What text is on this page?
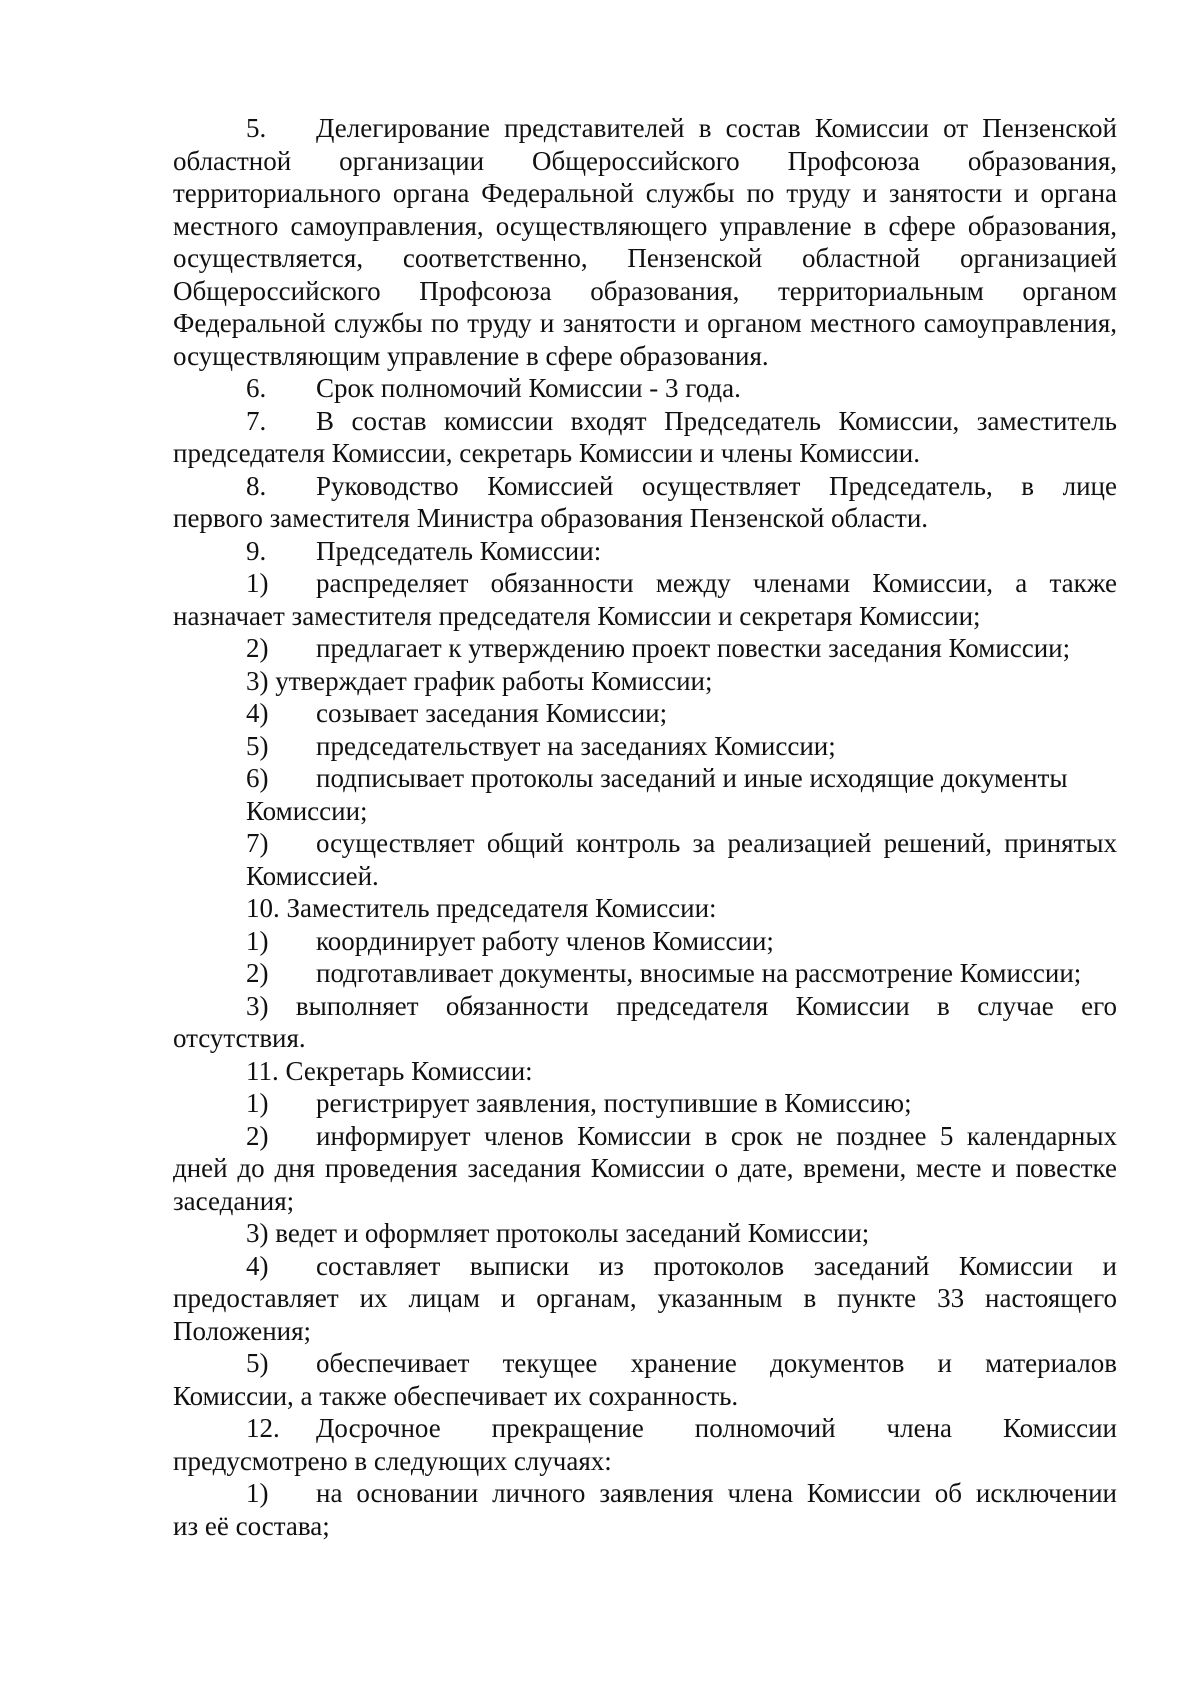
5.	Делегирование представителей в состав Комиссии от Пензенской

областной организации Общероссийского Профсоюза образования, территориального органа Федеральной службы по труду и занятости и органа местного самоуправления, осуществляющего управление в сфере образования, осуществляется, соответственно, Пензенской областной организацией Общероссийского Профсоюза образования, территориальным органом Федеральной службы по труду и занятости и органом местного самоуправления, осуществляющим управление в сфере образования.

6.	Срок полномочий Комиссии - 3 года.
7.	В состав комиссии входят Председатель Комиссии, заместитель

председателя Комиссии, секретарь Комиссии и члены Комиссии.

8.	Руководство Комиссией осуществляет Председатель, в лице

первого заместителя Министра образования Пензенской области.

9.	Председатель Комиссии:
1)	распределяет обязанности между членами Комиссии, а также

назначает заместителя председателя Комиссии и секретаря Комиссии;

2)	предлагает к утверждению проект повестки заседания Комиссии;

3) утверждает график работы Комиссии;

4)	созывает заседания Комиссии;
5)	председательствует на заседаниях Комиссии;
6)	подписывает протоколы заседаний и иные исходящие документы

Комиссии;

7)	осуществляет общий контроль за реализацией решений, принятых

Комиссией.

10. Заместитель председателя Комиссии:

1)	координирует работу членов Комиссии;
2)	подготавливает документы, вносимые на рассмотрение Комиссии;

3) выполняет обязанности председателя Комиссии в случае его

отсутствия.

11. Секретарь Комиссии:

1)	регистрирует заявления, поступившие в Комиссию;
2)	информирует членов Комиссии в срок не позднее 5 календарных

дней до дня проведения заседания Комиссии о дате, времени, месте и повестке заседания;

3) ведет и оформляет протоколы заседаний Комиссии;

4)	составляет выписки из протоколов заседаний Комиссии и

предоставляет их лицам и органам, указанным в пункте 33 настоящего Положения;

5)	обеспечивает текущее хранение документов и материалов

Комиссии, а также обеспечивает их сохранность.

12.	Досрочное прекращение полномочий члена Комиссии

предусмотрено в следующих случаях:

1)	на основании личного заявления члена Комиссии об исключении

из её состава;
